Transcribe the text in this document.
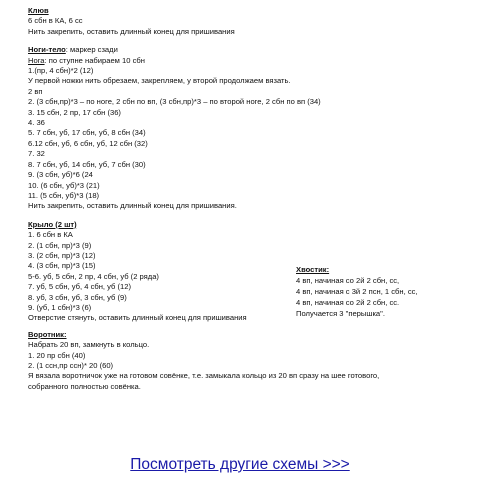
Клюв
6 сбн в КА, 6 сс
Нить закрепить, оставить длинный конец для пришивания
Ноги-тело: маркер сзади
Нога: по ступне набираем 10 сбн
1.(пр, 4 сбн)*2 (12)
У первой ножки нить обрезаем, закрепляем, у второй продолжаем вязать.
2 вп
2. (3 сбн,пр)*3 – по ноге, 2 сбн по вп, (3 сбн,пр)*3 – по второй ноге, 2 сбн по вп (34)
3. 15 сбн, 2 пр, 17 сбн (36)
4. 36
5. 7 сбн, уб, 17 сбн, уб, 8 сбн (34)
6.12 сбн, уб, 6 сбн, уб, 12 сбн (32)
7. 32
8. 7 сбн, уб, 14 сбн, уб, 7 сбн (30)
9. (3 сбн, уб)*6 (24
10. (6 сбн, уб)*3 (21)
11. (5 сбн, уб)*3 (18)
Нить закрепить, оставить длинный конец для пришивания.
Крыло (2 шт)
1. 6 сбн в КА
2. (1 сбн, пр)*3 (9)
3. (2 сбн, пр)*3 (12)
4. (3 сбн, пр)*3 (15)
5-6. уб, 5 сбн, 2 пр, 4 сбн, уб (2 ряда)
7. уб, 5 сбн, уб, 4 сбн, уб (12)
8. уб, 3 сбн, уб, 3 сбн, уб (9)
9. (уб, 1 сбн)*3 (6)
Отверстие стянуть, оставить длинный конец для пришивания
Воротник:
Набрать 20 вп, замкнуть в кольцо.
1. 20 пр сбн (40)
2. (1 ссн,пр ссн)* 20 (60)
Я вязала воротничок уже на готовом совёнке, т.е. замыкала кольцо из 20 вп сразу на шее готового,
собранного полностью совёнка.
Хвостик:
4 вп, начиная со 2й 2 сбн, сс,
4 вп, начиная с 3й 2 псн, 1 сбн, сс,
4 вп, начиная со 2й 2 сбн, сс.
Получается 3 "перышка".
Посмотреть другие схемы >>>
